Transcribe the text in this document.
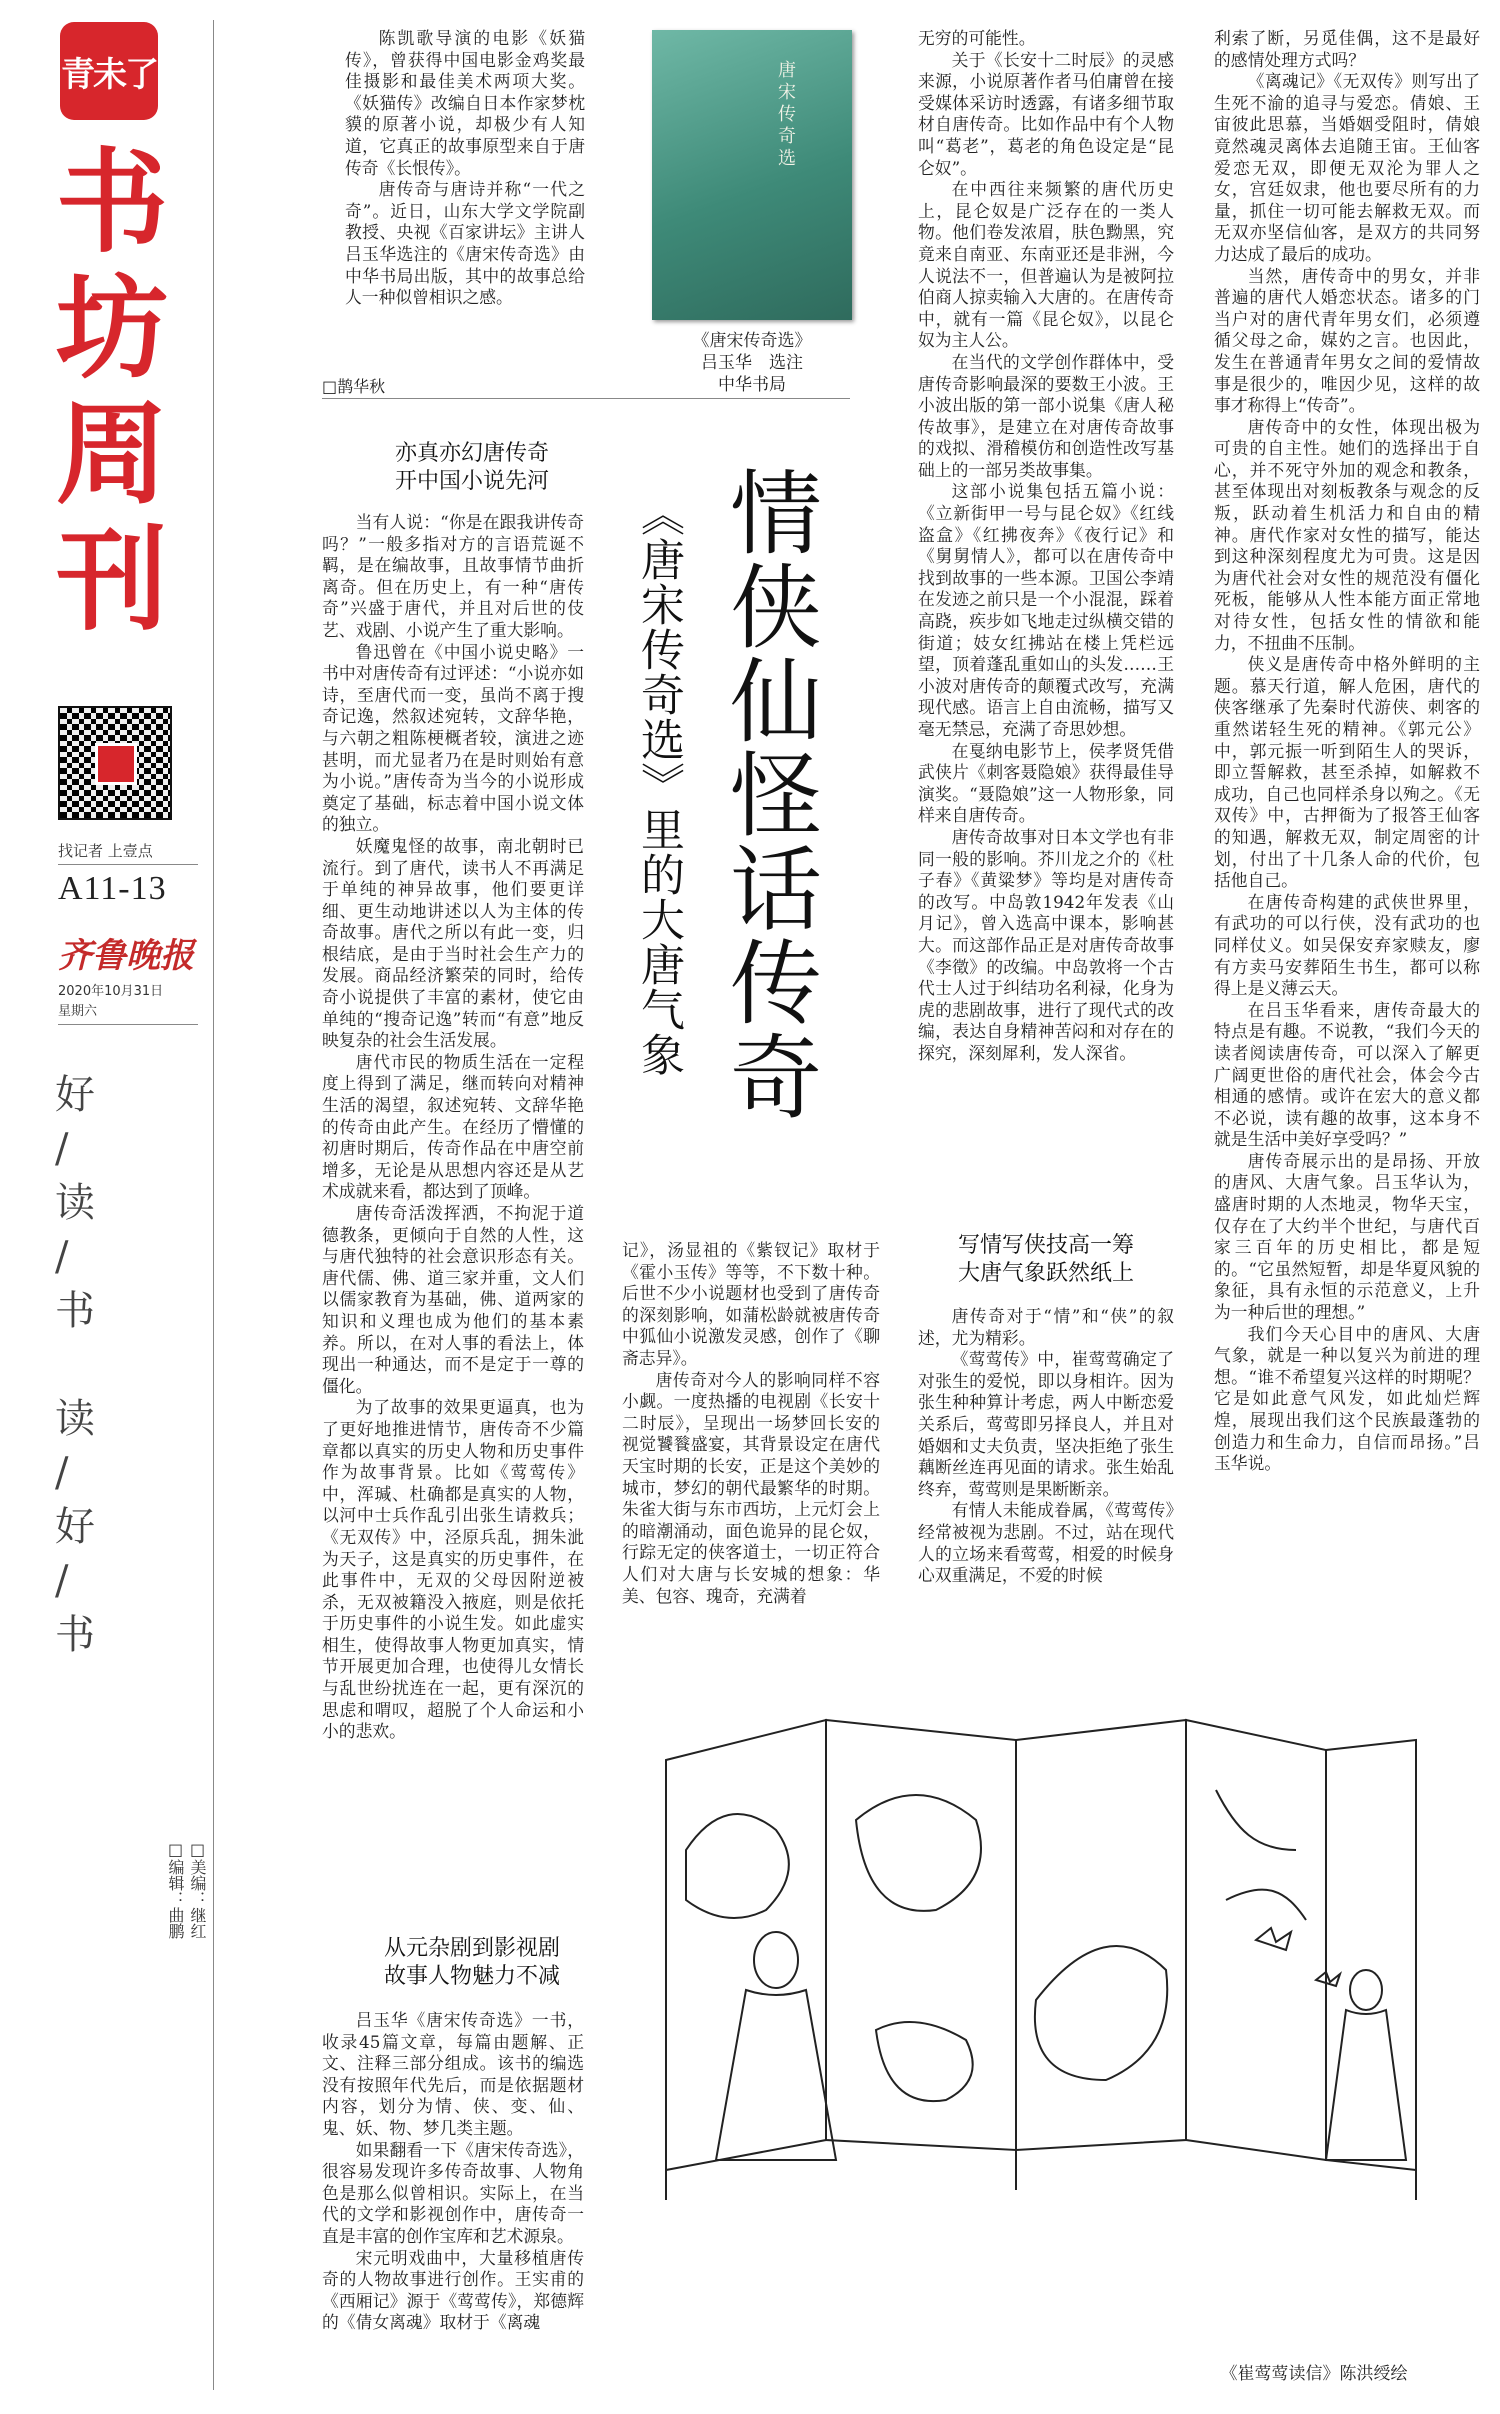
青未了
书
坊
周
刊
找记者 上壹点
A11-13
齐鲁晚报
2020年10月31日
星期六
好
/
读
/
书
读
/
好
/
书
□美编：继红
□编辑：曲鹏

陈凯歌导演的电影《妖猫传》，曾获得中国电影金鸡奖最佳摄影和最佳美术两项大奖。《妖猫传》改编自日本作家梦枕貘的原著小说，却极少有人知道，它真正的故事原型来自于唐传奇《长恨传》。

唐传奇与唐诗并称“一代之奇”。近日，山东大学文学院副教授、央视《百家讲坛》主讲人吕玉华选注的《唐宋传奇选》由中华书局出版，其中的故事总给人一种似曾相识之感。

□鹊华秋
唐宋传奇选
《唐宋传奇选》
吕玉华　选注
中华书局
亦真亦幻唐传奇
开中国小说先河

当有人说：“你是在跟我讲传奇吗？”一般多指对方的言语荒诞不羁，是在编故事，且故事情节曲折离奇。但在历史上，有一种“唐传奇”兴盛于唐代，并且对后世的伎艺、戏剧、小说产生了重大影响。

鲁迅曾在《中国小说史略》一书中对唐传奇有过评述：“小说亦如诗，至唐代而一变，虽尚不离于搜奇记逸，然叙述宛转，文辞华艳，与六朝之粗陈梗概者较，演进之迹甚明，而尤显者乃在是时则始有意为小说。”唐传奇为当今的小说形成奠定了基础，标志着中国小说文体的独立。

妖魔鬼怪的故事，南北朝时已流行。到了唐代，读书人不再满足于单纯的神异故事，他们要更详细、更生动地讲述以人为主体的传奇故事。唐代之所以有此一变，归根结底，是由于当时社会生产力的发展。商品经济繁荣的同时，给传奇小说提供了丰富的素材，使它由单纯的“搜奇记逸”转而“有意”地反映复杂的社会生活发展。

唐代市民的物质生活在一定程度上得到了满足，继而转向对精神生活的渴望，叙述宛转、文辞华艳的传奇由此产生。在经历了懵懂的初唐时期后，传奇作品在中唐空前增多，无论是从思想内容还是从艺术成就来看，都达到了顶峰。

唐传奇活泼挥洒，不拘泥于道德教条，更倾向于自然的人性，这与唐代独特的社会意识形态有关。唐代儒、佛、道三家并重，文人们以儒家教育为基础，佛、道两家的知识和义理也成为他们的基本素养。所以，在对人事的看法上，体现出一种通达，而不是定于一尊的僵化。

为了故事的效果更逼真，也为了更好地推进情节，唐传奇不少篇章都以真实的历史人物和历史事件作为故事背景。比如《莺莺传》中，浑瑊、杜确都是真实的人物，以河中士兵作乱引出张生请救兵；《无双传》中，泾原兵乱，拥朱泚为天子，这是真实的历史事件，在此事件中，无双的父母因附逆被杀，无双被籍没入掖庭，则是依托于历史事件的小说生发。如此虚实相生，使得故事人物更加真实，情节开展更加合理，也使得儿女情长与乱世纷扰连在一起，更有深沉的思虑和喟叹，超脱了个人命运和小小的悲欢。

从元杂剧到影视剧
故事人物魅力不减

吕玉华《唐宋传奇选》一书，收录45篇文章，每篇由题解、正文、注释三部分组成。该书的编选没有按照年代先后，而是依据题材内容，划分为情、侠、变、仙、鬼、妖、物、梦几类主题。

如果翻看一下《唐宋传奇选》，很容易发现许多传奇故事、人物角色是那么似曾相识。实际上，在当代的文学和影视创作中，唐传奇一直是丰富的创作宝库和艺术源泉。

宋元明戏曲中，大量移植唐传奇的人物故事进行创作。王实甫的《西厢记》源于《莺莺传》，郑德辉的《倩女离魂》取材于《离魂

情侠仙怪话传奇
《唐宋传奇选》里的大唐气象

记》，汤显祖的《紫钗记》取材于《霍小玉传》等等，不下数十种。后世不少小说题材也受到了唐传奇的深刻影响，如蒲松龄就被唐传奇中狐仙小说激发灵感，创作了《聊斋志异》。

唐传奇对今人的影响同样不容小觑。一度热播的电视剧《长安十二时辰》，呈现出一场梦回长安的视觉饕餮盛宴，其背景设定在唐代天宝时期的长安，正是这个美妙的城市，梦幻的朝代最繁华的时期。朱雀大街与东市西坊，上元灯会上的暗潮涌动，面色诡异的昆仑奴，行踪无定的侠客道士，一切正符合人们对大唐与长安城的想象：华美、包容、瑰奇，充满着

无穷的可能性。

关于《长安十二时辰》的灵感来源，小说原著作者马伯庸曾在接受媒体采访时透露，有诸多细节取材自唐传奇。比如作品中有个人物叫“葛老”，葛老的角色设定是“昆仑奴”。

在中西往来频繁的唐代历史上，昆仑奴是广泛存在的一类人物。他们卷发浓眉，肤色黝黑，究竟来自南亚、东南亚还是非洲，今人说法不一，但普遍认为是被阿拉伯商人掠卖输入大唐的。在唐传奇中，就有一篇《昆仑奴》，以昆仑奴为主人公。

在当代的文学创作群体中，受唐传奇影响最深的要数王小波。王小波出版的第一部小说集《唐人秘传故事》，是建立在对唐传奇故事的戏拟、滑稽模仿和创造性改写基础上的一部另类故事集。

这部小说集包括五篇小说：《立新街甲一号与昆仑奴》《红线盗盒》《红拂夜奔》《夜行记》和《舅舅情人》，都可以在唐传奇中找到故事的一些本源。卫国公李靖在发迹之前只是一个小混混，踩着高跷，疾步如飞地走过纵横交错的街道；妓女红拂站在楼上凭栏远望，顶着蓬乱重如山的头发……王小波对唐传奇的颠覆式改写，充满现代感。语言上自由流畅，描写又毫无禁忌，充满了奇思妙想。

在戛纳电影节上，侯孝贤凭借武侠片《刺客聂隐娘》获得最佳导演奖。“聂隐娘”这一人物形象，同样来自唐传奇。

唐传奇故事对日本文学也有非同一般的影响。芥川龙之介的《杜子春》《黄粱梦》等均是对唐传奇的改写。中岛敦1942年发表《山月记》，曾入选高中课本，影响甚大。而这部作品正是对唐传奇故事《李徵》的改编。中岛敦将一个古代士人过于纠结功名利禄，化身为虎的悲剧故事，进行了现代式的改编，表达自身精神苦闷和对存在的探究，深刻犀利，发人深省。

写情写侠技高一筹
大唐气象跃然纸上

唐传奇对于“情”和“侠”的叙述，尤为精彩。

《莺莺传》中，崔莺莺确定了对张生的爱悦，即以身相许。因为张生种种算计考虑，两人中断恋爱关系后，莺莺即另择良人，并且对婚姻和丈夫负责，坚决拒绝了张生藕断丝连再见面的请求。张生始乱终弃，莺莺则是果断断亲。

有情人未能成眷属，《莺莺传》经常被视为悲剧。不过，站在现代人的立场来看莺莺，相爱的时候身心双重满足，不爱的时候

利索了断，另觅佳偶，这不是最好的感情处理方式吗？

《离魂记》《无双传》则写出了生死不渝的追寻与爱恋。倩娘、王宙彼此思慕，当婚姻受阻时，倩娘竟然魂灵离体去追随王宙。王仙客爱恋无双，即便无双沦为罪人之女，宫廷奴隶，他也要尽所有的力量，抓住一切可能去解救无双。而无双亦坚信仙客，是双方的共同努力达成了最后的成功。

当然，唐传奇中的男女，并非普遍的唐代人婚恋状态。诸多的门当户对的唐代青年男女们，必须遵循父母之命，媒妁之言。也因此，发生在普通青年男女之间的爱情故事是很少的，唯因少见，这样的故事才称得上“传奇”。

唐传奇中的女性，体现出极为可贵的自主性。她们的选择出于自心，并不死守外加的观念和教条，甚至体现出对刻板教条与观念的反叛，跃动着生机活力和自由的精神。唐代作家对女性的描写，能达到这种深刻程度尤为可贵。这是因为唐代社会对女性的规范没有僵化死板，能够从人性本能方面正常地对待女性，包括女性的情欲和能力，不扭曲不压制。

侠义是唐传奇中格外鲜明的主题。慕天行道，解人危困，唐代的侠客继承了先秦时代游侠、刺客的重然诺轻生死的精神。《郭元公》中，郭元振一听到陌生人的哭诉，即立誓解救，甚至杀掉，如解救不成功，自己也同样杀身以殉之。《无双传》中，古押衙为了报答王仙客的知遇，解救无双，制定周密的计划，付出了十几条人命的代价，包括他自己。

在唐传奇构建的武侠世界里，有武功的可以行侠，没有武功的也同样仗义。如吴保安弃家赎友，廖有方卖马安葬陌生书生，都可以称得上是义薄云天。

在吕玉华看来，唐传奇最大的特点是有趣。不说教，“我们今天的读者阅读唐传奇，可以深入了解更广阔更世俗的唐代社会，体会今古相通的感情。或许在宏大的意义都不必说，读有趣的故事，这本身不就是生活中美好享受吗？”

唐传奇展示出的是昂扬、开放的唐风、大唐气象。吕玉华认为，盛唐时期的人杰地灵，物华天宝，仅存在了大约半个世纪，与唐代百家三百年的历史相比，都是短的。“它虽然短暂，却是华夏风貌的象征，具有永恒的示范意义，上升为一种后世的理想。”

我们今天心目中的唐风、大唐气象，就是一种以复兴为前进的理想。“谁不希望复兴这样的时期呢？它是如此意气风发，如此灿烂辉煌，展现出我们这个民族最蓬勃的创造力和生命力，自信而昂扬。”吕玉华说。

《崔莺莺读信》陈洪绶绘
